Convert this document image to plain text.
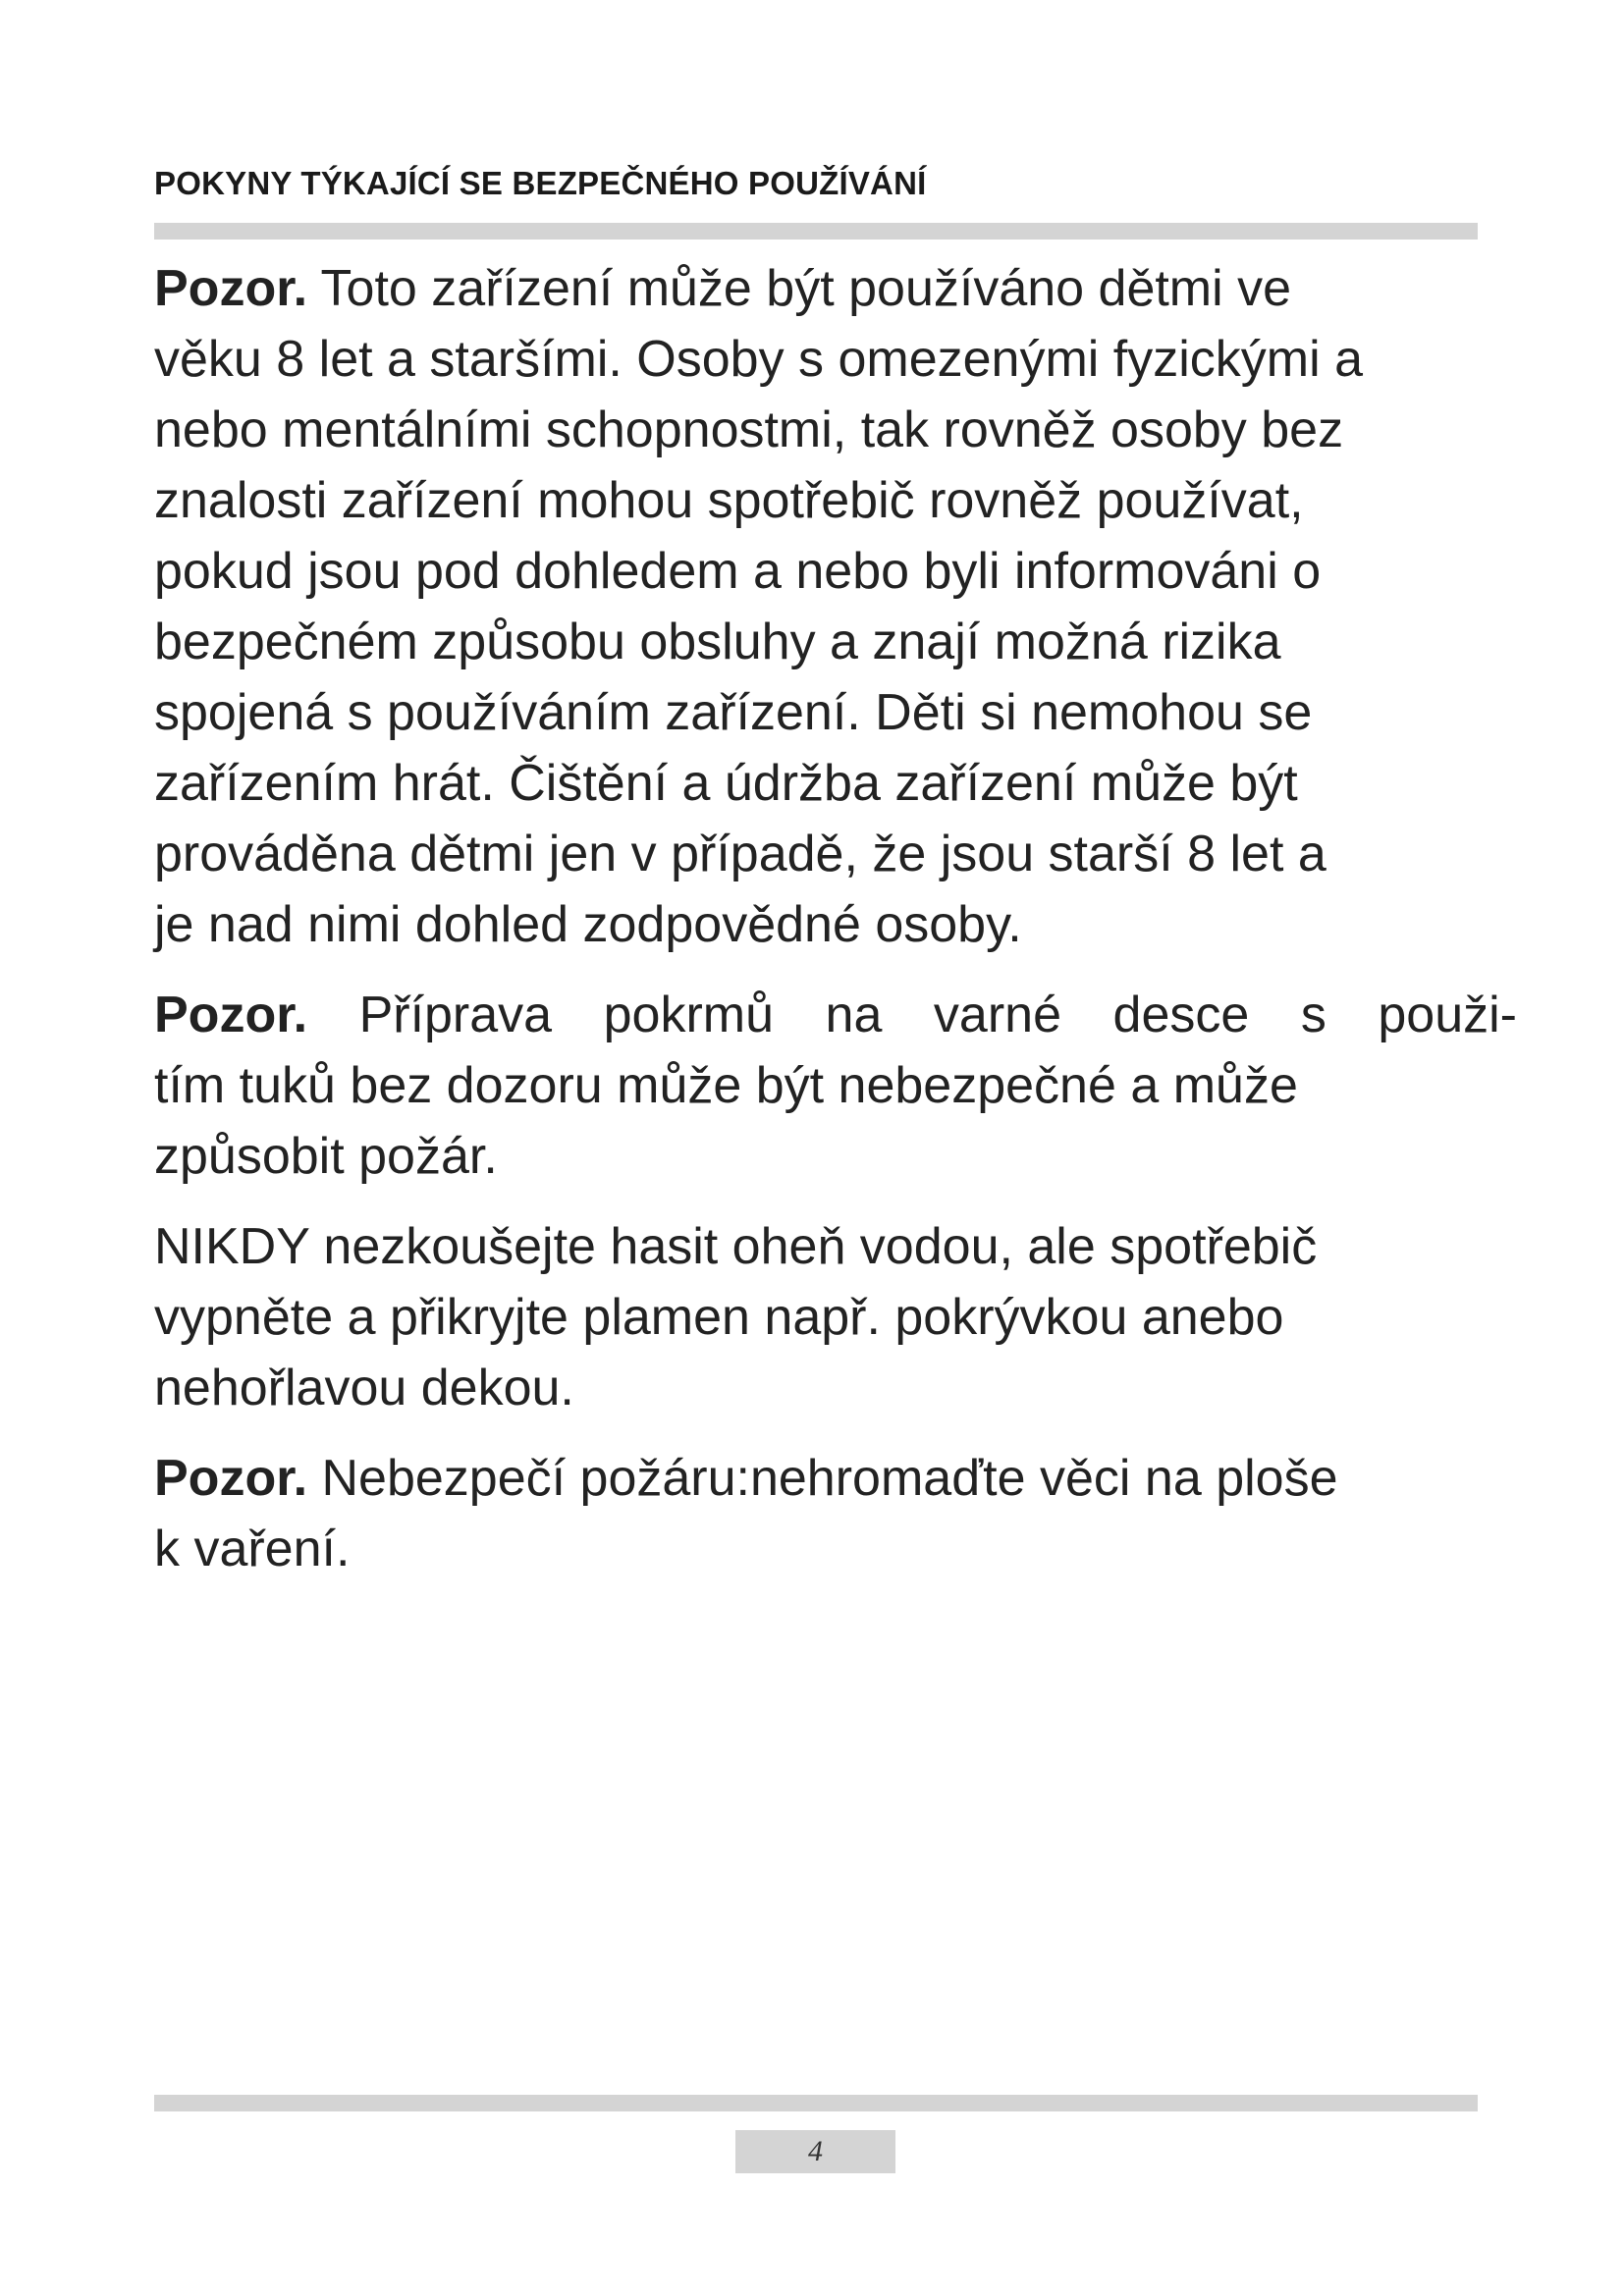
POKYNY TÝKAJÍCÍ SE BEZPEČNÉHO POUŽÍVÁNÍ
Pozor. Toto zařízení může být používáno dětmi ve
věku 8 let a staršími. Osoby s omezenými fyzickými a
nebo mentálními schopnostmi, tak rovněž osoby bez
znalosti zařízení mohou spotřebič rovněž používat,
pokud jsou pod dohledem a nebo byli informováni o
bezpečném způsobu obsluhy a znají možná rizika
spojená s používáním zařízení. Děti si nemohou se
zařízením hrát. Čištění a údržba zařízení může být
prováděna dětmi jen v případě, že jsou starší 8 let a
je nad nimi dohled zodpovědné osoby.
Pozor. Příprava pokrmů na varné desce s použi-
tím tuků bez dozoru může být nebezpečné a může
způsobit požár.
NIKDY nezkoušejte hasit oheň vodou, ale spotřebič
vypněte a přikryjte plamen např. pokrývkou anebo
nehořlavou dekou.
Pozor. Nebezpečí požáru:nehromaďte věci na ploše
k vaření.
4
